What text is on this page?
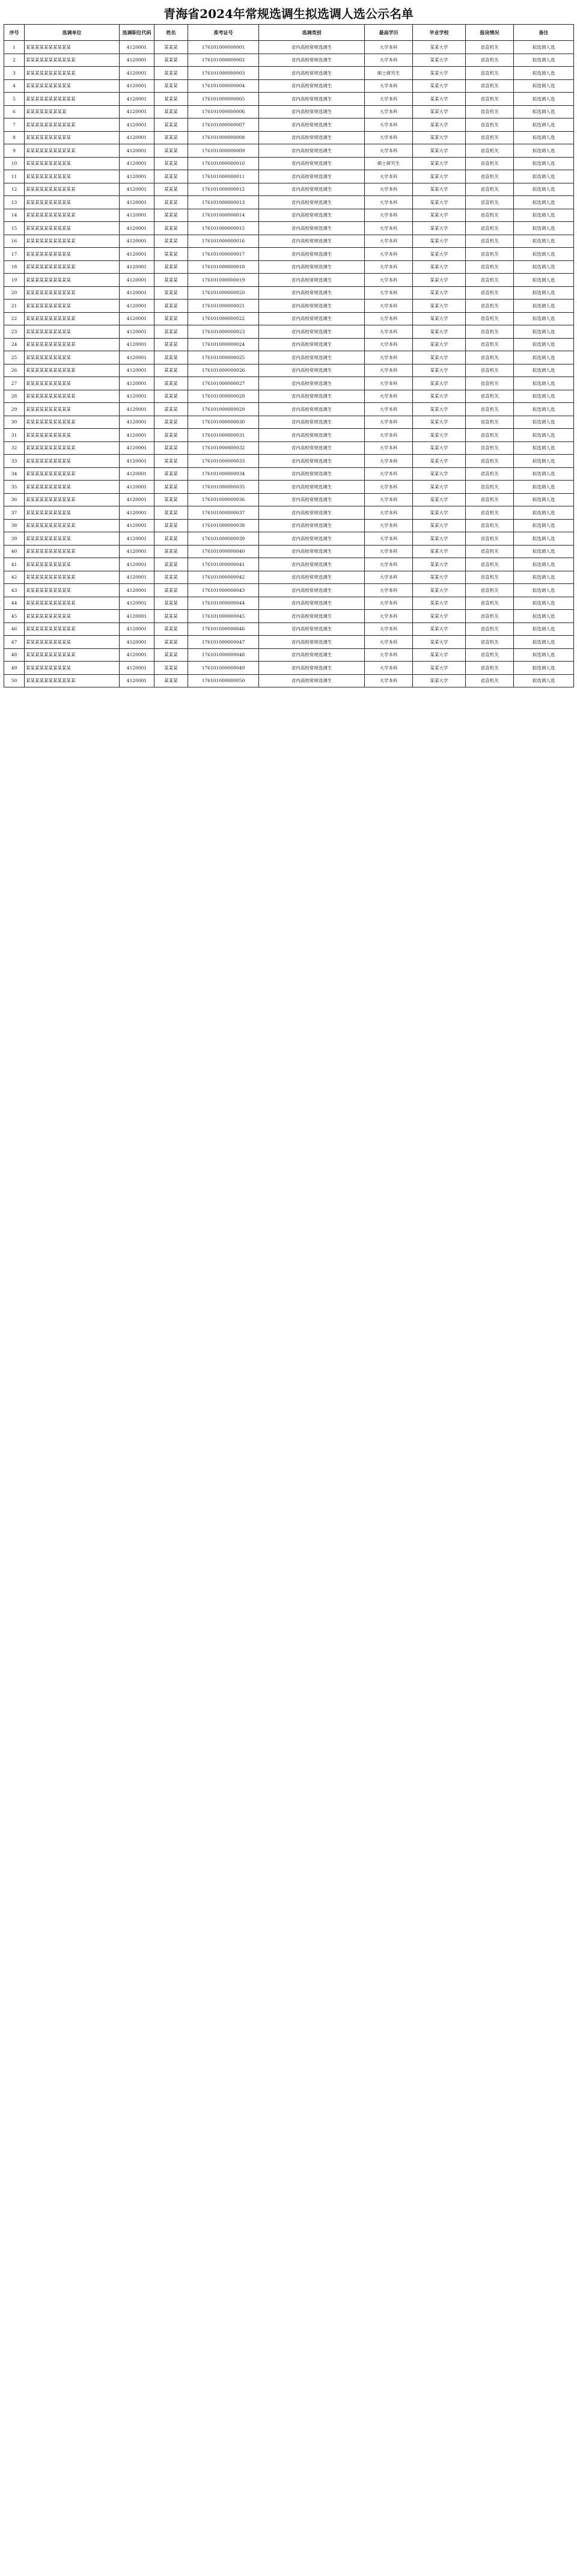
青海省2024年常规选调生拟选调人选公示名单
序号	选调单位	选调职位代码	姓名	准考证号	选调类别	最高学历	毕业学校	报岗情况	备注
1	某某某某某某某某某某	4120001	某某某	176101000000001	省内高校常规选调生	大学本科	某某大学	省直机关	拟选调人选
2	某某某某某某某某某某某	4120001	某某某	176101000000002	省内高校常规选调生	大学本科	某某大学	省直机关	拟选调人选
3	某某某某某某某某某某某	4120001	某某某	176101000000003	省内高校常规选调生	硕士研究生	某某大学	省直机关	拟选调人选
4	某某某某某某某某某某	4120001	某某某	176101000000004	省内高校常规选调生	大学本科	某某大学	省直机关	拟选调人选
5	某某某某某某某某某某某	4120001	某某某	176101000000005	省内高校常规选调生	大学本科	某某大学	省直机关	拟选调人选
6	某某某某某某某某某	4120001	某某某	176101000000006	省内高校常规选调生	大学本科	某某大学	省直机关	拟选调人选
7	某某某某某某某某某某某	4120001	某某某	176101000000007	省内高校常规选调生	大学本科	某某大学	省直机关	拟选调人选
8	某某某某某某某某某某	4120001	某某某	176101000000008	省内高校常规选调生	大学本科	某某大学	省直机关	拟选调人选
9	某某某某某某某某某某某	4120001	某某某	176101000000009	省内高校常规选调生	大学本科	某某大学	省直机关	拟选调人选
10	某某某某某某某某某某	4120001	某某某	176101000000010	省内高校常规选调生	硕士研究生	某某大学	省直机关	拟选调人选
11	某某某某某某某某某某	4120001	某某某	176101000000011	省内高校常规选调生	大学本科	某某大学	省直机关	拟选调人选
12	某某某某某某某某某某某	4120001	某某某	176101000000012	省内高校常规选调生	大学本科	某某大学	省直机关	拟选调人选
13	某某某某某某某某某某	4120001	某某某	176101000000013	省内高校常规选调生	大学本科	某某大学	省直机关	拟选调人选
14	某某某某某某某某某某某	4120001	某某某	176101000000014	省内高校常规选调生	大学本科	某某大学	省直机关	拟选调人选
15	某某某某某某某某某某	4120001	某某某	176101000000015	省内高校常规选调生	大学本科	某某大学	省直机关	拟选调人选
16	某某某某某某某某某某某	4120001	某某某	176101000000016	省内高校常规选调生	大学本科	某某大学	省直机关	拟选调人选
17	某某某某某某某某某某	4120001	某某某	176101000000017	省内高校常规选调生	大学本科	某某大学	省直机关	拟选调人选
18	某某某某某某某某某某某	4120001	某某某	176101000000018	省内高校常规选调生	大学本科	某某大学	省直机关	拟选调人选
19	某某某某某某某某某某	4120001	某某某	176101000000019	省内高校常规选调生	大学本科	某某大学	省直机关	拟选调人选
20	某某某某某某某某某某某	4120001	某某某	176101000000020	省内高校常规选调生	大学本科	某某大学	省直机关	拟选调人选
21	某某某某某某某某某某	4120001	某某某	176101000000021	省内高校常规选调生	大学本科	某某大学	省直机关	拟选调人选
22	某某某某某某某某某某某	4120001	某某某	176101000000022	省内高校常规选调生	大学本科	某某大学	省直机关	拟选调人选
23	某某某某某某某某某某	4120001	某某某	176101000000023	省内高校常规选调生	大学本科	某某大学	省直机关	拟选调人选
24	某某某某某某某某某某某	4120001	某某某	176101000000024	省内高校常规选调生	大学本科	某某大学	省直机关	拟选调人选
25	某某某某某某某某某某	4120001	某某某	176101000000025	省内高校常规选调生	大学本科	某某大学	省直机关	拟选调人选
26	某某某某某某某某某某某	4120001	某某某	176101000000026	省内高校常规选调生	大学本科	某某大学	省直机关	拟选调人选
27	某某某某某某某某某某	4120001	某某某	176101000000027	省内高校常规选调生	大学本科	某某大学	省直机关	拟选调人选
28	某某某某某某某某某某某	4120001	某某某	176101000000028	省内高校常规选调生	大学本科	某某大学	省直机关	拟选调人选
29	某某某某某某某某某某	4120001	某某某	176101000000029	省内高校常规选调生	大学本科	某某大学	省直机关	拟选调人选
30	某某某某某某某某某某某	4120001	某某某	176101000000030	省内高校常规选调生	大学本科	某某大学	省直机关	拟选调人选
31	某某某某某某某某某某	4120001	某某某	176101000000031	省内高校常规选调生	大学本科	某某大学	省直机关	拟选调人选
32	某某某某某某某某某某某	4120001	某某某	176101000000032	省内高校常规选调生	大学本科	某某大学	省直机关	拟选调人选
33	某某某某某某某某某某	4120001	某某某	176101000000033	省内高校常规选调生	大学本科	某某大学	省直机关	拟选调人选
34	某某某某某某某某某某某	4120001	某某某	176101000000034	省内高校常规选调生	大学本科	某某大学	省直机关	拟选调人选
35	某某某某某某某某某某	4120001	某某某	176101000000035	省内高校常规选调生	大学本科	某某大学	省直机关	拟选调人选
36	某某某某某某某某某某某	4120001	某某某	176101000000036	省内高校常规选调生	大学本科	某某大学	省直机关	拟选调人选
37	某某某某某某某某某某	4120001	某某某	176101000000037	省内高校常规选调生	大学本科	某某大学	省直机关	拟选调人选
38	某某某某某某某某某某某	4120001	某某某	176101000000038	省内高校常规选调生	大学本科	某某大学	省直机关	拟选调人选
39	某某某某某某某某某某	4120001	某某某	176101000000039	省内高校常规选调生	大学本科	某某大学	省直机关	拟选调人选
40	某某某某某某某某某某某	4120001	某某某	176101000000040	省内高校常规选调生	大学本科	某某大学	省直机关	拟选调人选
41	某某某某某某某某某某	4120001	某某某	176101000000041	省内高校常规选调生	大学本科	某某大学	省直机关	拟选调人选
42	某某某某某某某某某某某	4120001	某某某	176101000000042	省内高校常规选调生	大学本科	某某大学	省直机关	拟选调人选
43	某某某某某某某某某某	4120001	某某某	176101000000043	省内高校常规选调生	大学本科	某某大学	省直机关	拟选调人选
44	某某某某某某某某某某某	4120001	某某某	176101000000044	省内高校常规选调生	大学本科	某某大学	省直机关	拟选调人选
45	某某某某某某某某某某	4120001	某某某	176101000000045	省内高校常规选调生	大学本科	某某大学	省直机关	拟选调人选
46	某某某某某某某某某某某	4120001	某某某	176101000000046	省内高校常规选调生	大学本科	某某大学	省直机关	拟选调人选
47	某某某某某某某某某某	4120001	某某某	176101000000047	省内高校常规选调生	大学本科	某某大学	省直机关	拟选调人选
48	某某某某某某某某某某某	4120001	某某某	176101000000048	省内高校常规选调生	大学本科	某某大学	省直机关	拟选调人选
49	某某某某某某某某某某	4120001	某某某	176101000000049	省内高校常规选调生	大学本科	某某大学	省直机关	拟选调人选
50	某某某某某某某某某某某	4120001	某某某	176101000000050	省内高校常规选调生	大学本科	某某大学	省直机关	拟选调人选
